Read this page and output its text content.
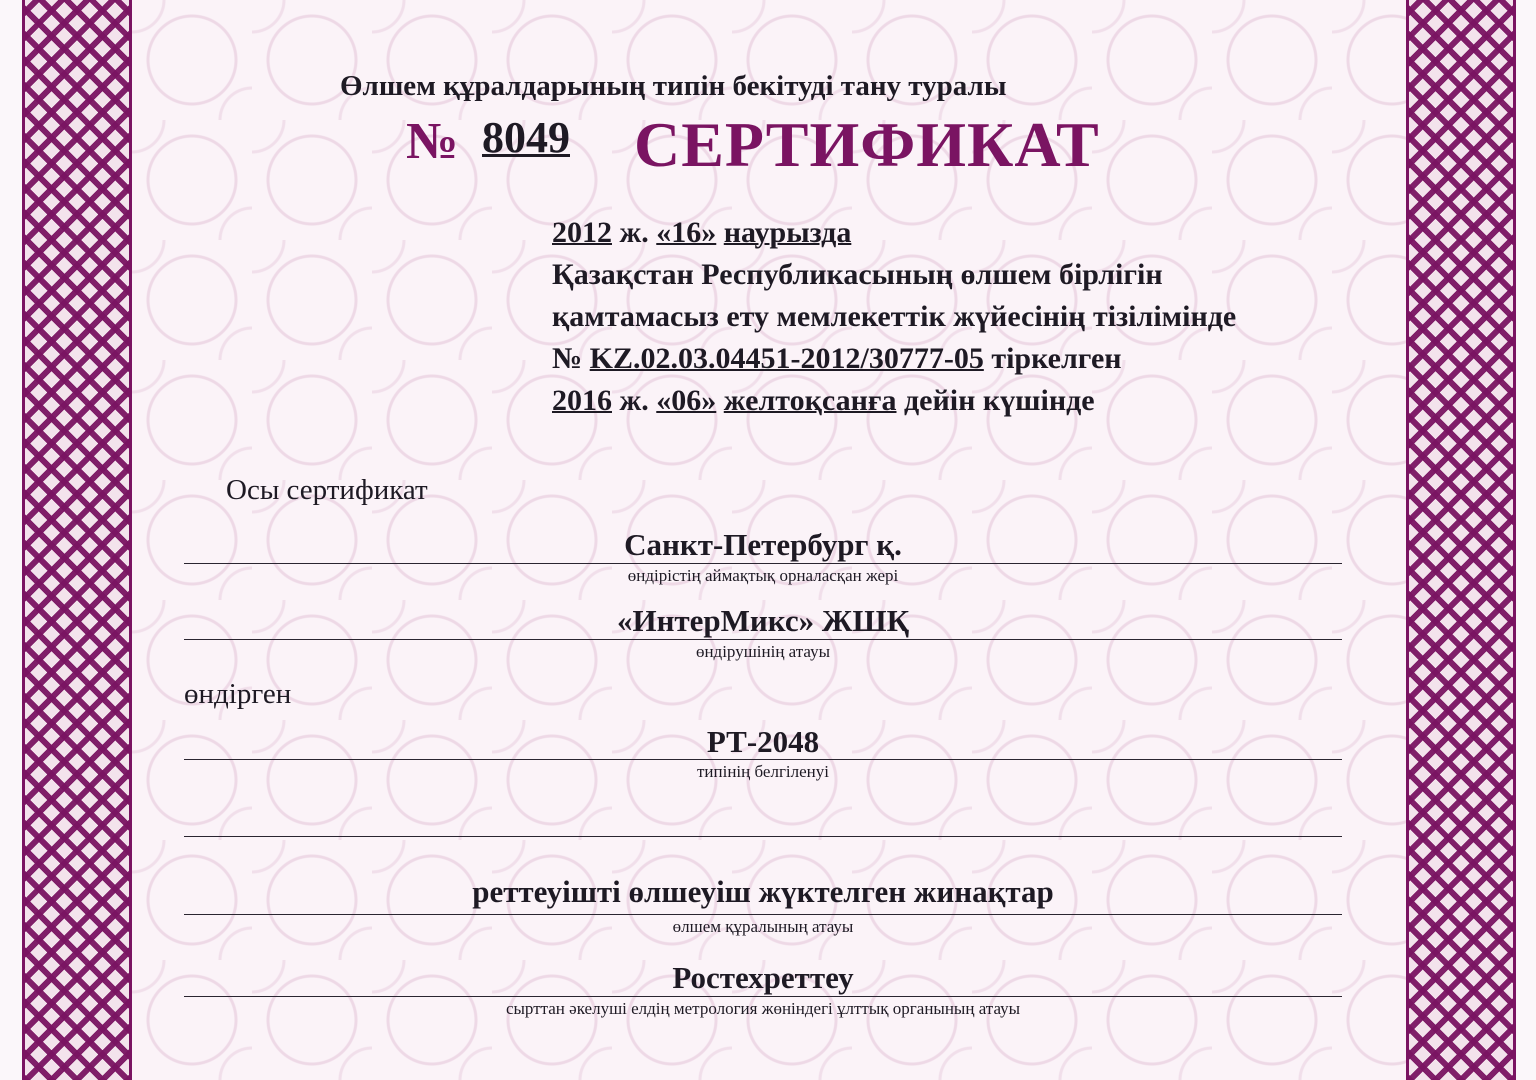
Өлшем құралдарының типін бекітуді тану туралы
№ 8049 СЕРТИФИКАТ
2012 ж. «16» наурызда
Қазақстан Республикасының өлшем бірлігін
қамтамасыз ету мемлекеттік жүйесінің тізілімінде
№ KZ.02.03.04451-2012/30777-05 тіркелген
2016 ж. «06» желтоқсанға дейін күшінде
Осы сертификат
Санкт-Петербург қ.
өндірістің аймақтық орналасқан жері
«ИнтерМикс» ЖШҚ
өндірушінің атауы
өндірген
РТ-2048
типінің белгіленуі
реттеуішті өлшеуіш жүктелген жинақтар
өлшем құралының атауы
Ростехреттеу
сырттан әкелуші елдің метрология жөніндегі ұлттық органының атауы
